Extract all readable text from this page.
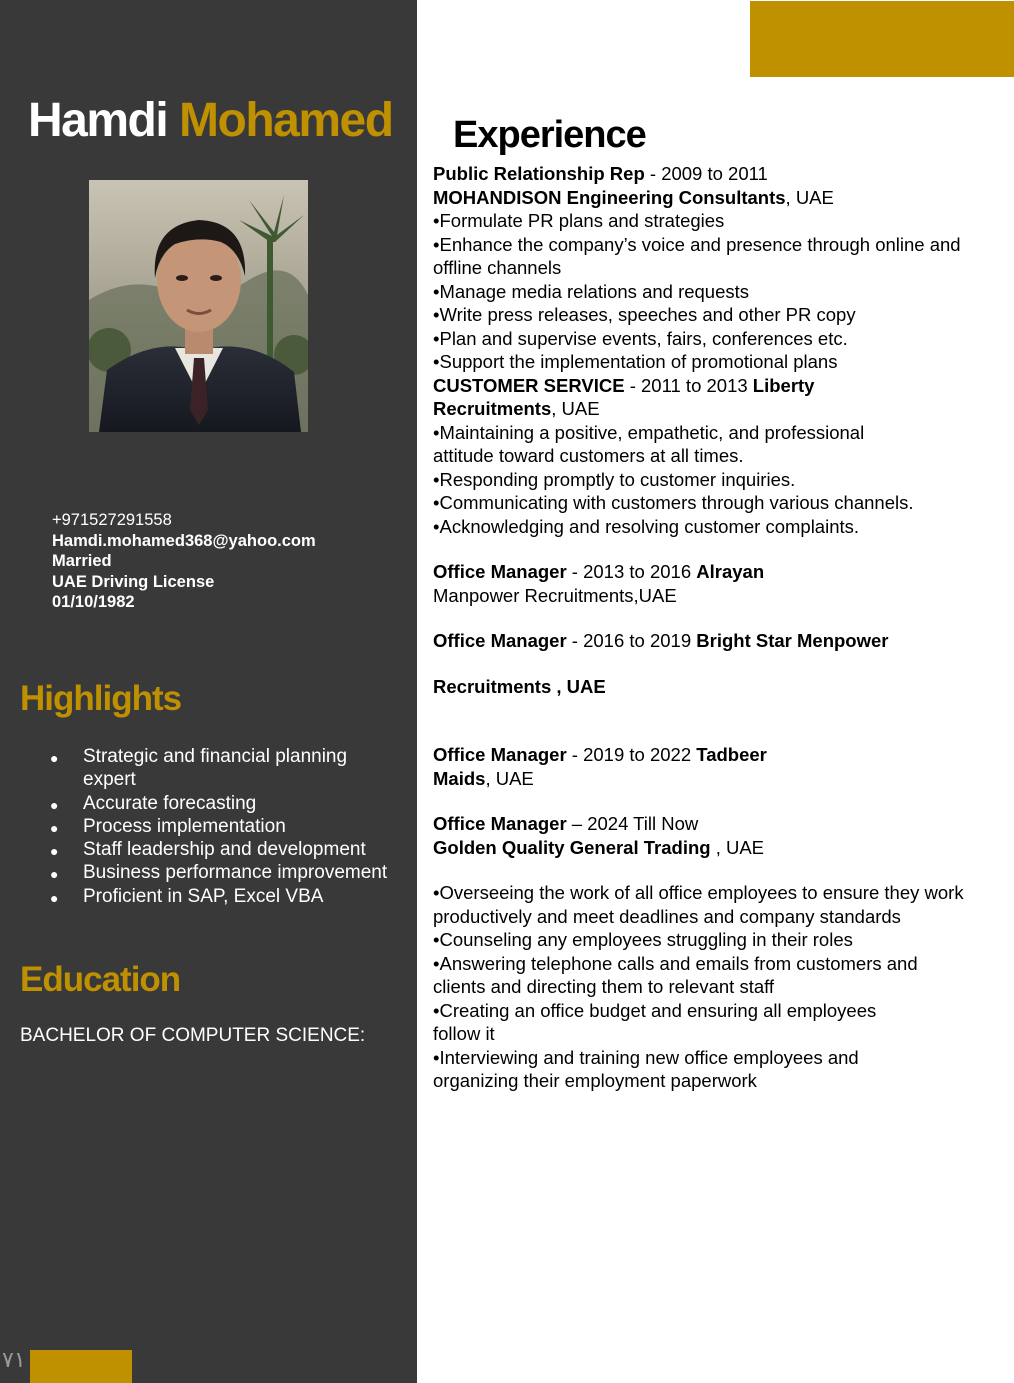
٧١
Hamdi Mohamed
+971527291558
Hamdi.mohamed368@yahoo.com
Married
UAE Driving License
01/10/1982
Highlights
● Strategic and financial planning expert
● Accurate forecasting
● Process implementation
● Staff leadership and development
● Business performance improvement
● Proficient in SAP, Excel VBA
Education
BACHELOR OF COMPUTER SCIENCE:
Experience
Public Relationship Rep - 2009 to 2011
MOHANDISON Engineering Consultants, UAE
•Formulate PR plans and strategies
•Enhance the company’s voice and presence through online and offline channels
•Manage media relations and requests
•Write press releases, speeches and other PR copy
•Plan and supervise events, fairs, conferences etc.
•Support the implementation of promotional plans
CUSTOMER SERVICE - 2011 to 2013 Liberty Recruitments, UAE
•Maintaining a positive, empathetic, and professional attitude toward customers at all times.
•Responding promptly to customer inquiries.
•Communicating with customers through various channels.
•Acknowledging and resolving customer complaints.
Office Manager - 2013 to 2016 Alrayan
Manpower Recruitments,UAE
Office Manager - 2016 to 2019 Bright Star Menpower
Recruitments , UAE
Office Manager - 2019 to 2022 Tadbeer
Maids, UAE
Office Manager – 2024 Till Now
Golden Quality General Trading , UAE
•Overseeing the work of all office employees to ensure they work productively and meet deadlines and company standards
•Counseling any employees struggling in their roles
•Answering telephone calls and emails from customers and clients and directing them to relevant staff
•Creating an office budget and ensuring all employees follow it
•Interviewing and training new office employees and organizing their employment paperwork
